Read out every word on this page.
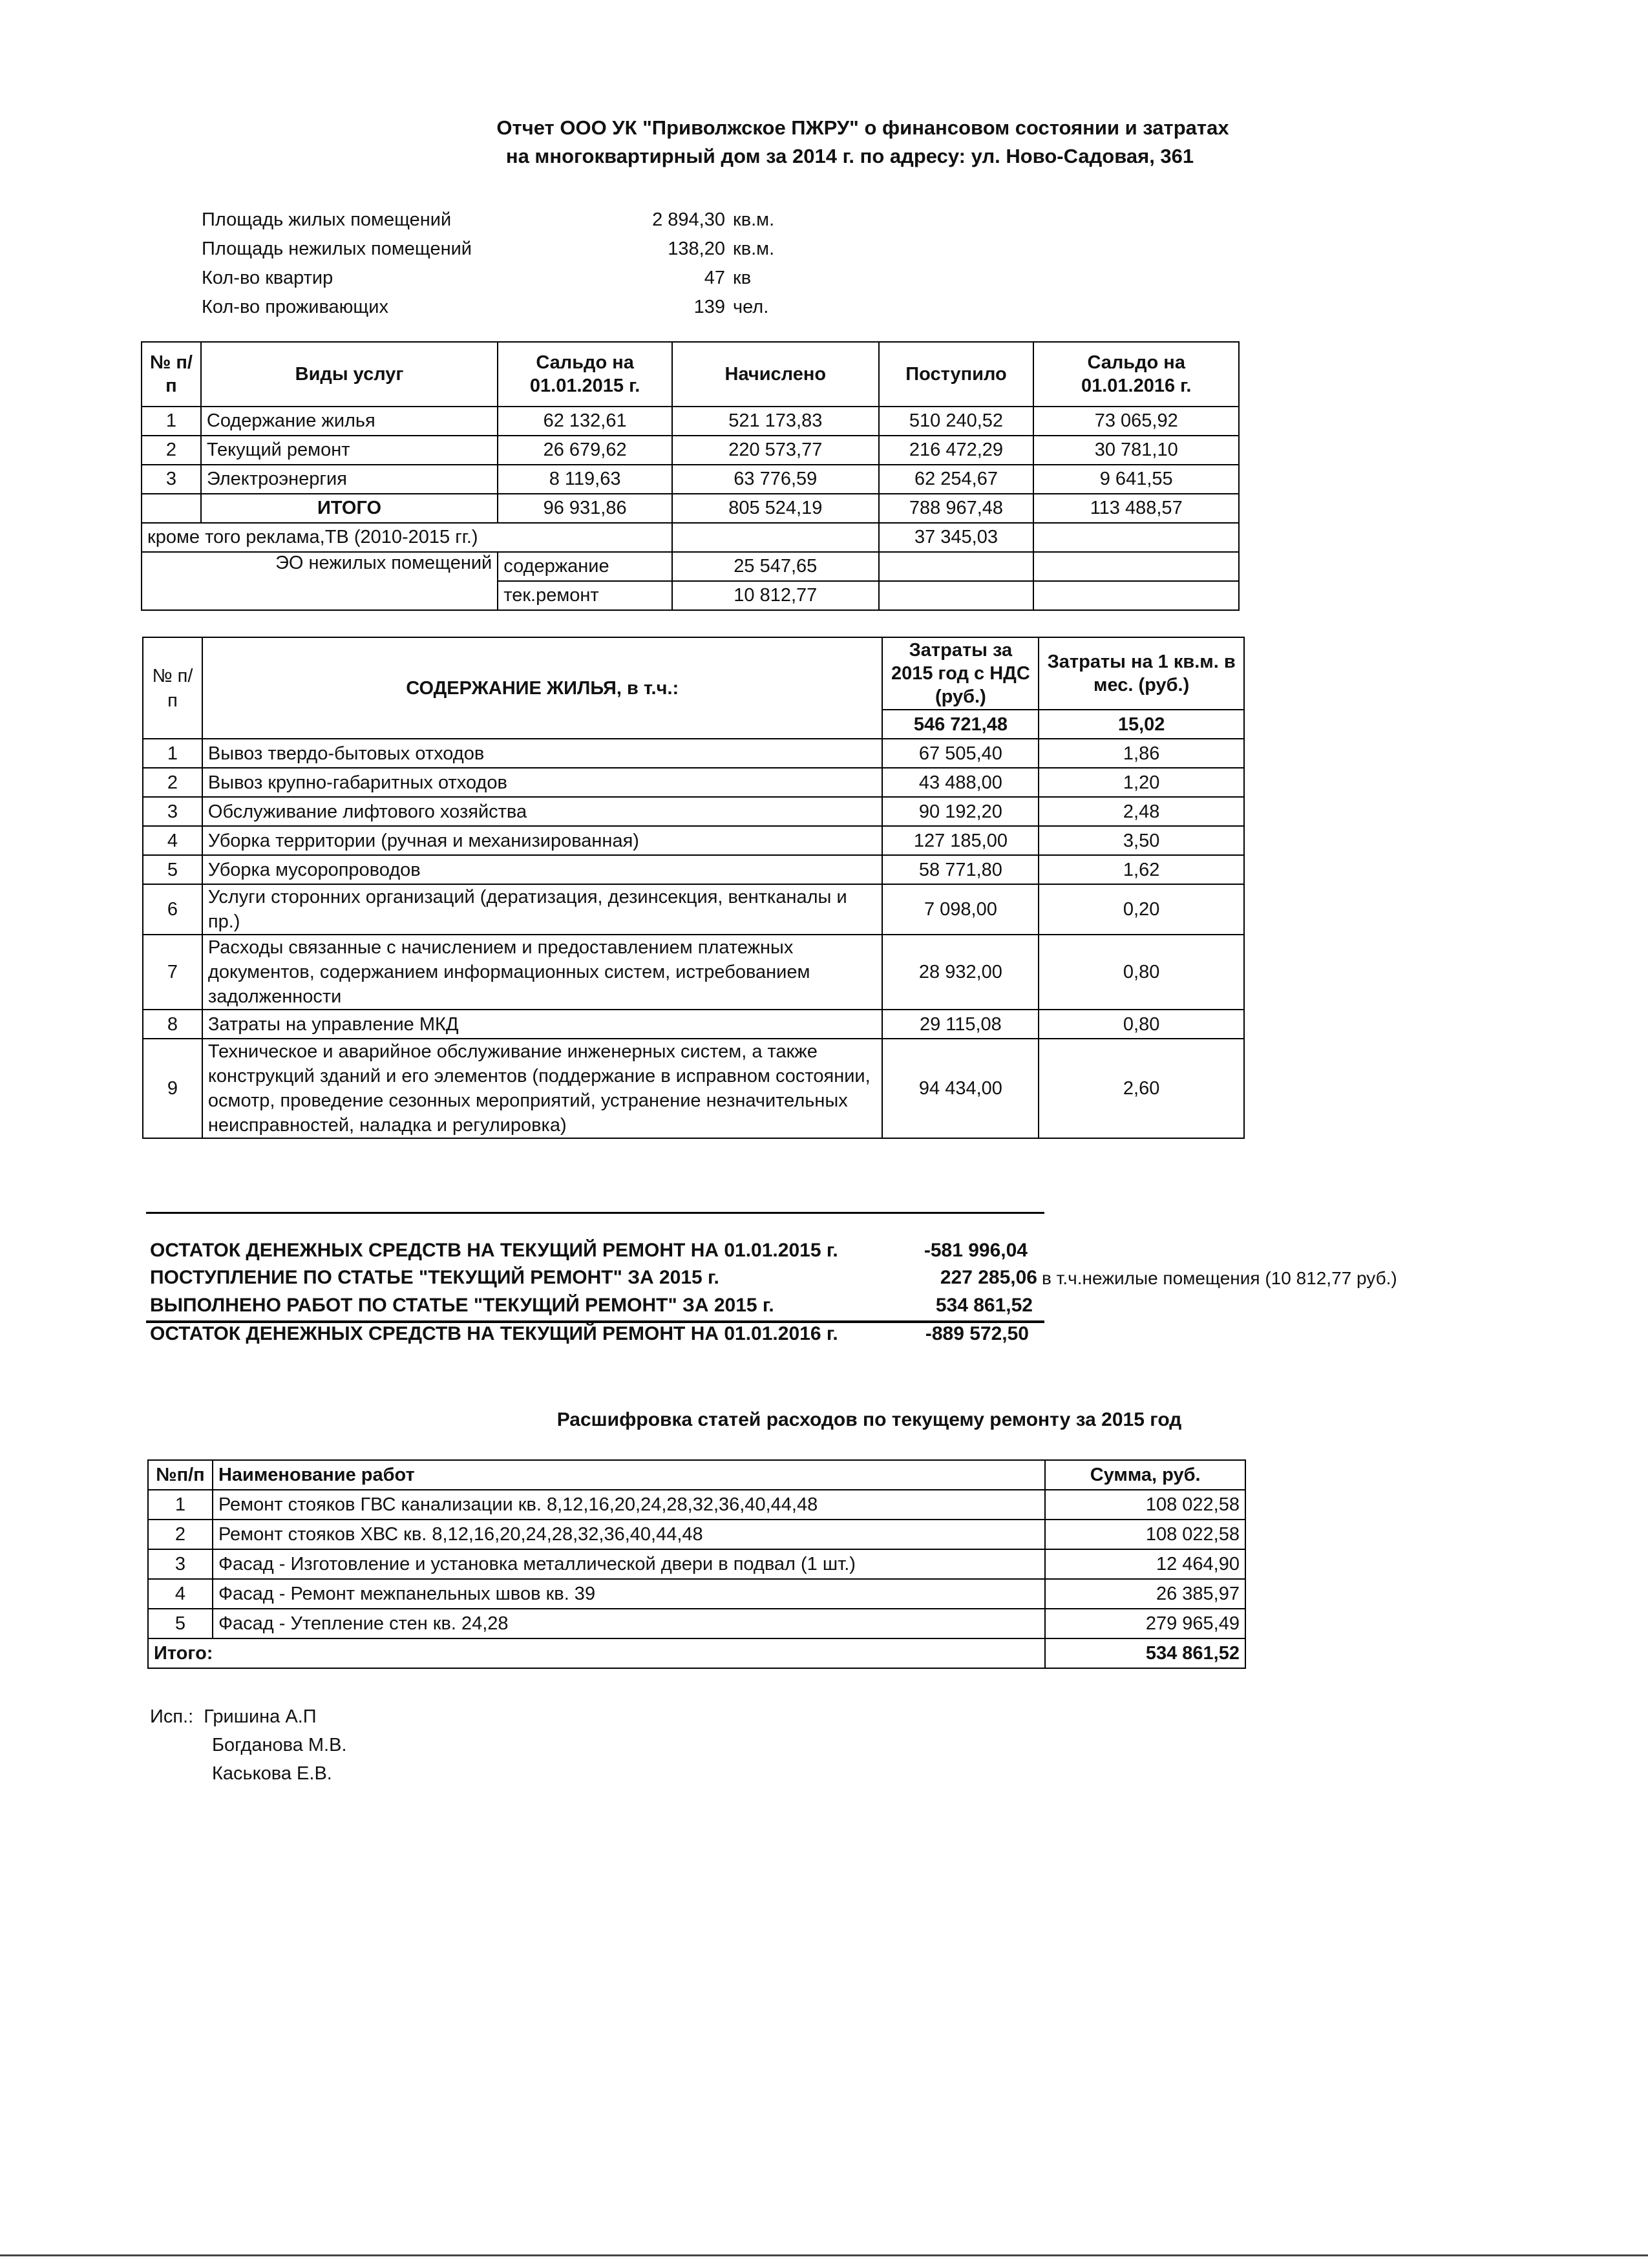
Отчет ООО УК "Приволжское ПЖРУ" о финансовом состоянии и затратах
на многоквартирный дом за 2014 г. по адресу: ул. Ново-Садовая, 361
Площадь жилых помещений	2 894,30 кв.м.
Площадь нежилых помещений	138,20 кв.м.
Кол-во квартир	47 кв
Кол-во проживающих	139 чел.
№ п/п	Виды услуг	Сальдо на 01.01.2015 г.	Начислено	Поступило	Сальдо на 01.01.2016 г.
1	Содержание жилья	62 132,61	521 173,83	510 240,52	73 065,92
2	Текущий ремонт	26 679,62	220 573,77	216 472,29	30 781,10
3	Электроэнергия	8 119,63	63 776,59	62 254,67	9 641,55
	ИТОГО	96 931,86	805 524,19	788 967,48	113 488,57
кроме того реклама,ТВ (2010-2015 гг.)				37 345,03	
ЭО нежилых помещений		содержание	25 547,65		
		тек.ремонт	10 812,77		
№ п/п	СОДЕРЖАНИЕ ЖИЛЬЯ, в т.ч.:	Затраты за 2015 год с НДС (руб.)	Затраты на 1 кв.м. в мес. (руб.)
		546 721,48	15,02
1	Вывоз твердо-бытовых отходов	67 505,40	1,86
2	Вывоз крупно-габаритных отходов	43 488,00	1,20
3	Обслуживание лифтового хозяйства	90 192,20	2,48
4	Уборка территории (ручная и механизированная)	127 185,00	3,50
5	Уборка мусоропроводов	58 771,80	1,62
6	Услуги сторонних организаций (дератизация, дезинсекция, вентканалы и пр.)	7 098,00	0,20
7	Расходы связанные с начислением и предоставлением платежных документов, содержанием информационных систем, истребованием задолженности	28 932,00	0,80
8	Затраты на управление МКД	29 115,08	0,80
9	Техническое и аварийное обслуживание инженерных систем, а также конструкций зданий и его элементов (поддержание в исправном состоянии, осмотр, проведение сезонных мероприятий, устранение незначительных неисправностей, наладка и регулировка)	94 434,00	2,60
ОСТАТОК ДЕНЕЖНЫХ СРЕДСТВ НА ТЕКУЩИЙ РЕМОНТ НА 01.01.2015 г.	-581 996,04
ПОСТУПЛЕНИЕ ПО СТАТЬЕ "ТЕКУЩИЙ РЕМОНТ" ЗА 2015 г.	227 285,06 в т.ч.нежилые помещения (10 812,77 руб.)
ВЫПОЛНЕНО РАБОТ ПО СТАТЬЕ "ТЕКУЩИЙ РЕМОНТ" ЗА 2015 г.	534 861,52
ОСТАТОК ДЕНЕЖНЫХ СРЕДСТВ НА ТЕКУЩИЙ РЕМОНТ НА 01.01.2016 г.	-889 572,50
Расшифровка статей расходов по текущему ремонту за 2015 год
№п/п	Наименование работ	Сумма, руб.
1	Ремонт стояков ГВС канализации кв. 8,12,16,20,24,28,32,36,40,44,48	108 022,58
2	Ремонт стояков ХВС кв. 8,12,16,20,24,28,32,36,40,44,48	108 022,58
3	Фасад - Изготовление и установка металлической двери в подвал (1 шт.)	12 464,90
4	Фасад - Ремонт межпанельных швов кв. 39	26 385,97
5	Фасад - Утепление стен кв. 24,28	279 965,49
Итого:		534 861,52
Исп.: Гришина А.П
Богданова М.В.
Каськова Е.В.
